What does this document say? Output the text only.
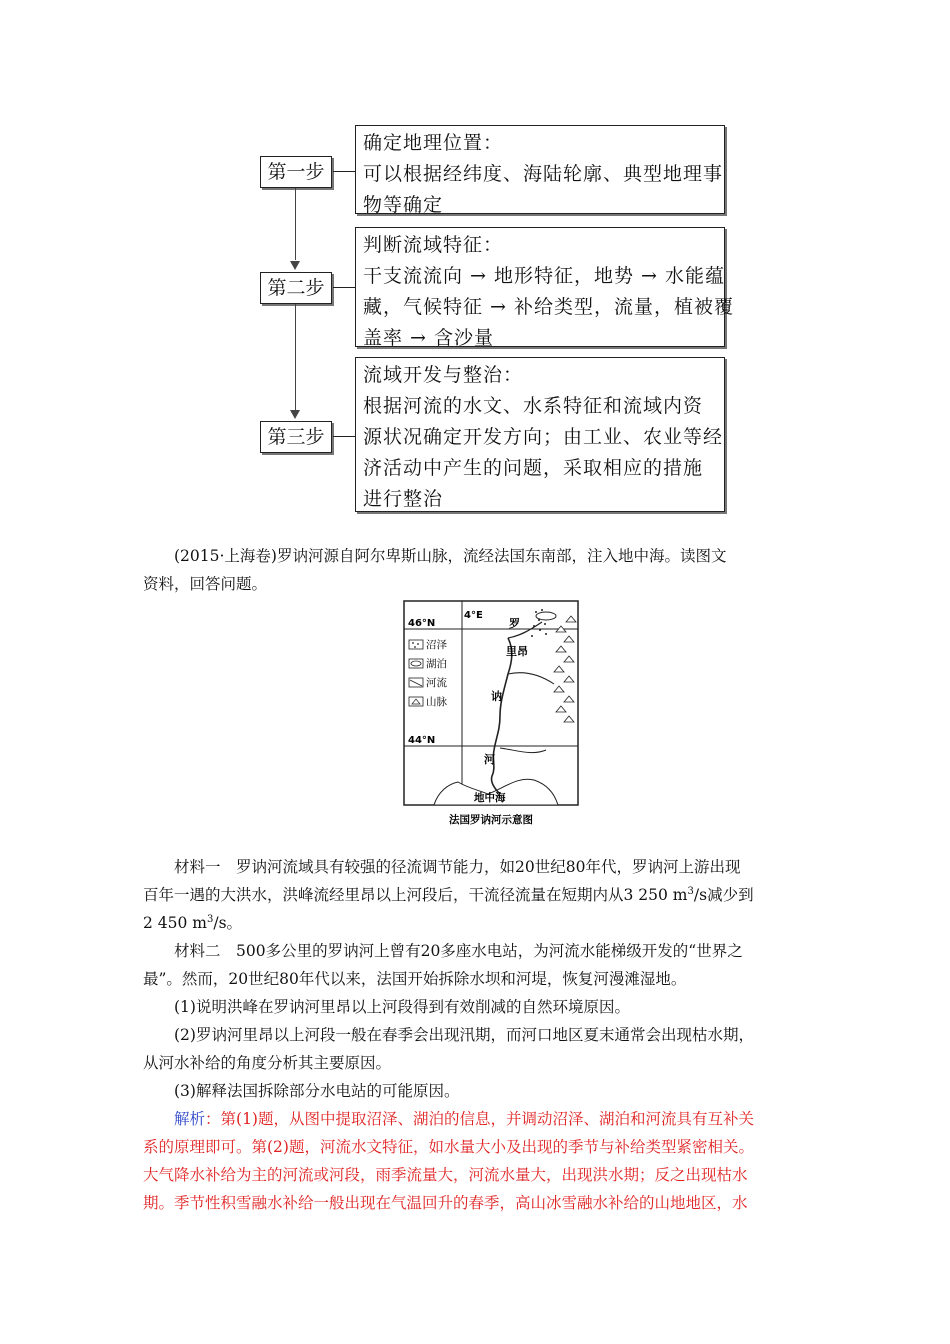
第一步
第二步
第三步
确定地理位置：
可以根据经纬度、海陆轮廓、典型地理事
物等确定
判断流域特征：
干支流流向 → 地形特征，地势 → 水能蕴
藏，气候特征 → 补给类型，流量，植被覆
盖率 → 含沙量
流域开发与整治：
根据河流的水文、水系特征和流域内资
源状况确定开发方向；由工业、农业等经
济活动中产生的问题，采取相应的措施
进行整治

(2015·上海卷)罗讷河源自阿尔卑斯山脉，流经法国东南部，注入地中海。读图文

资料，回答问题。

沼泽
湖泊
河流
山脉
46°N
44°N
4°E
罗
讷
河
里昂
地中海
法国罗讷河示意图

材料一　罗讷河流域具有较强的径流调节能力，如20世纪80年代，罗讷河上游出现

百年一遇的大洪水，洪峰流经里昂以上河段后，干流径流量在短期内从3 250 $m^3/s$减少到

2 450 $m^3/s$。

材料二　500多公里的罗讷河上曾有20多座水电站，为河流水能梯级开发的“世界之

最”。然而，20世纪80年代以来，法国开始拆除水坝和河堤，恢复河漫滩湿地。

(1)说明洪峰在罗讷河里昂以上河段得到有效削减的自然环境原因。

(2)罗讷河里昂以上河段一般在春季会出现汛期，而河口地区夏末通常会出现枯水期，

从河水补给的角度分析其主要原因。

(3)解释法国拆除部分水电站的可能原因。

解析：第(1)题，从图中提取沼泽、湖泊的信息，并调动沼泽、湖泊和河流具有互补关

系的原理即可。第(2)题，河流水文特征，如水量大小及出现的季节与补给类型紧密相关。

大气降水补给为主的河流或河段，雨季流量大，河流水量大，出现洪水期；反之出现枯水

期。季节性积雪融水补给一般出现在气温回升的春季，高山冰雪融水补给的山地地区，水
